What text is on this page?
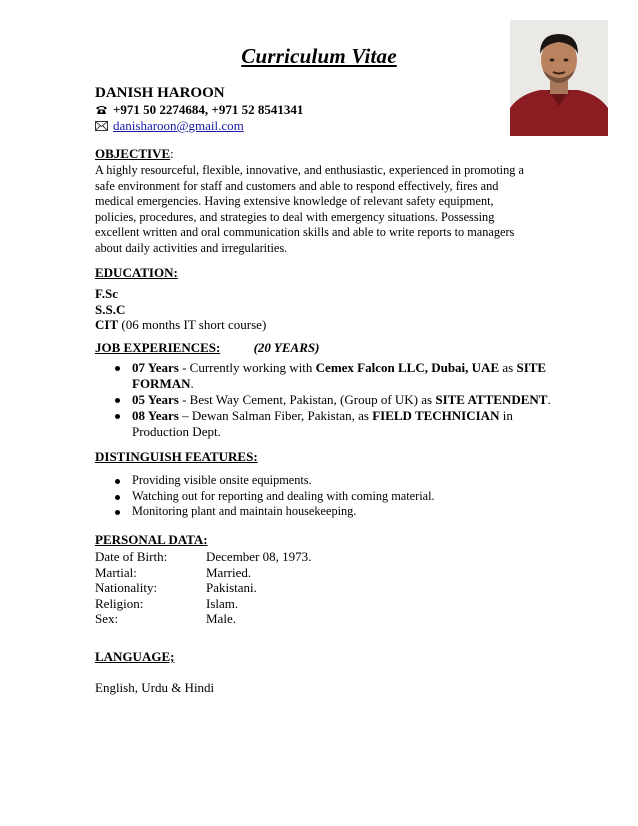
Curriculum Vitae
DANISH HAROON
+971 50 2274684, +971 52 8541341
danisharoon@gmail.com
OBJECTIVE:
A highly resourceful, flexible, innovative, and enthusiastic, experienced in promoting a
safe environment for staff and customers and able to respond effectively, fires and
medical emergencies. Having extensive knowledge of relevant safety equipment,
policies, procedures, and strategies to deal with emergency situations. Possessing
excellent written and oral communication skills and able to write reports to managers
about daily activities and irregularities.
EDUCATION:
F.Sc
S.S.C
CIT (06 months IT short course)
JOB EXPERIENCES:	(20 YEARS)
07 Years - Currently working with Cemex Falcon LLC, Dubai, UAE as SITE FORMAN.
05 Years - Best Way Cement, Pakistan, (Group of UK) as SITE ATTENDENT.
08 Years – Dewan Salman Fiber, Pakistan, as FIELD TECHNICIAN in Production Dept.
DISTINGUISH FEATURES:
Providing visible onsite equipments.
Watching out for reporting and dealing with coming material.
Monitoring plant and maintain housekeeping.
PERSONAL DATA:
Date of Birth:	December 08, 1973.
Martial:	Married.
Nationality:	Pakistani.
Religion:	Islam.
Sex:	Male.
LANGUAGE;
English, Urdu & Hindi
